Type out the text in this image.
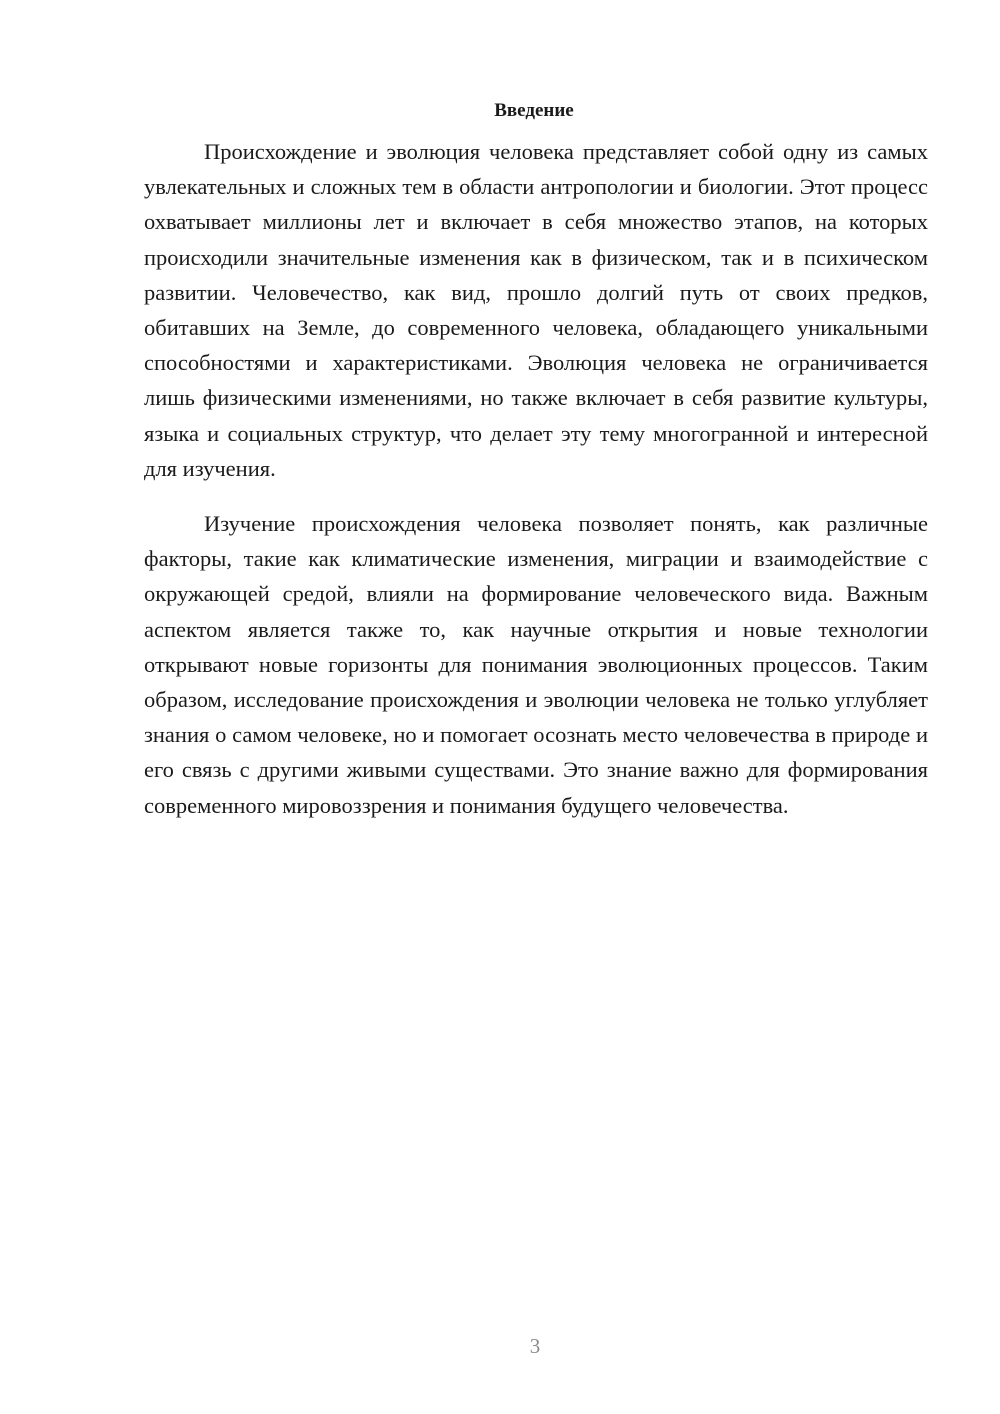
Введение

Происхождение и эволюция человека представляет собой одну из самых увлекательных и сложных тем в области антропологии и биологии. Этот процесс охватывает миллионы лет и включает в себя множество этапов, на которых происходили значительные изменения как в физическом, так и в психическом развитии. Человечество, как вид, прошло долгий путь от своих предков, обитавших на Земле, до современного человека, обладающего уникальными способностями и характеристиками. Эволюция человека не ограничивается лишь физическими изменениями, но также включает в себя развитие культуры, языка и социальных структур, что делает эту тему многогранной и интересной для изучения.

Изучение происхождения человека позволяет понять, как различные факторы, такие как климатические изменения, миграции и взаимодействие с окружающей средой, влияли на формирование человеческого вида. Важным аспектом является также то, как научные открытия и новые технологии открывают новые горизонты для понимания эволюционных процессов. Таким образом, исследование происхождения и эволюции человека не только углубляет знания о самом человеке, но и помогает осознать место человечества в природе и его связь с другими живыми существами. Это знание важно для формирования современного мировоззрения и понимания будущего человечества.

3
